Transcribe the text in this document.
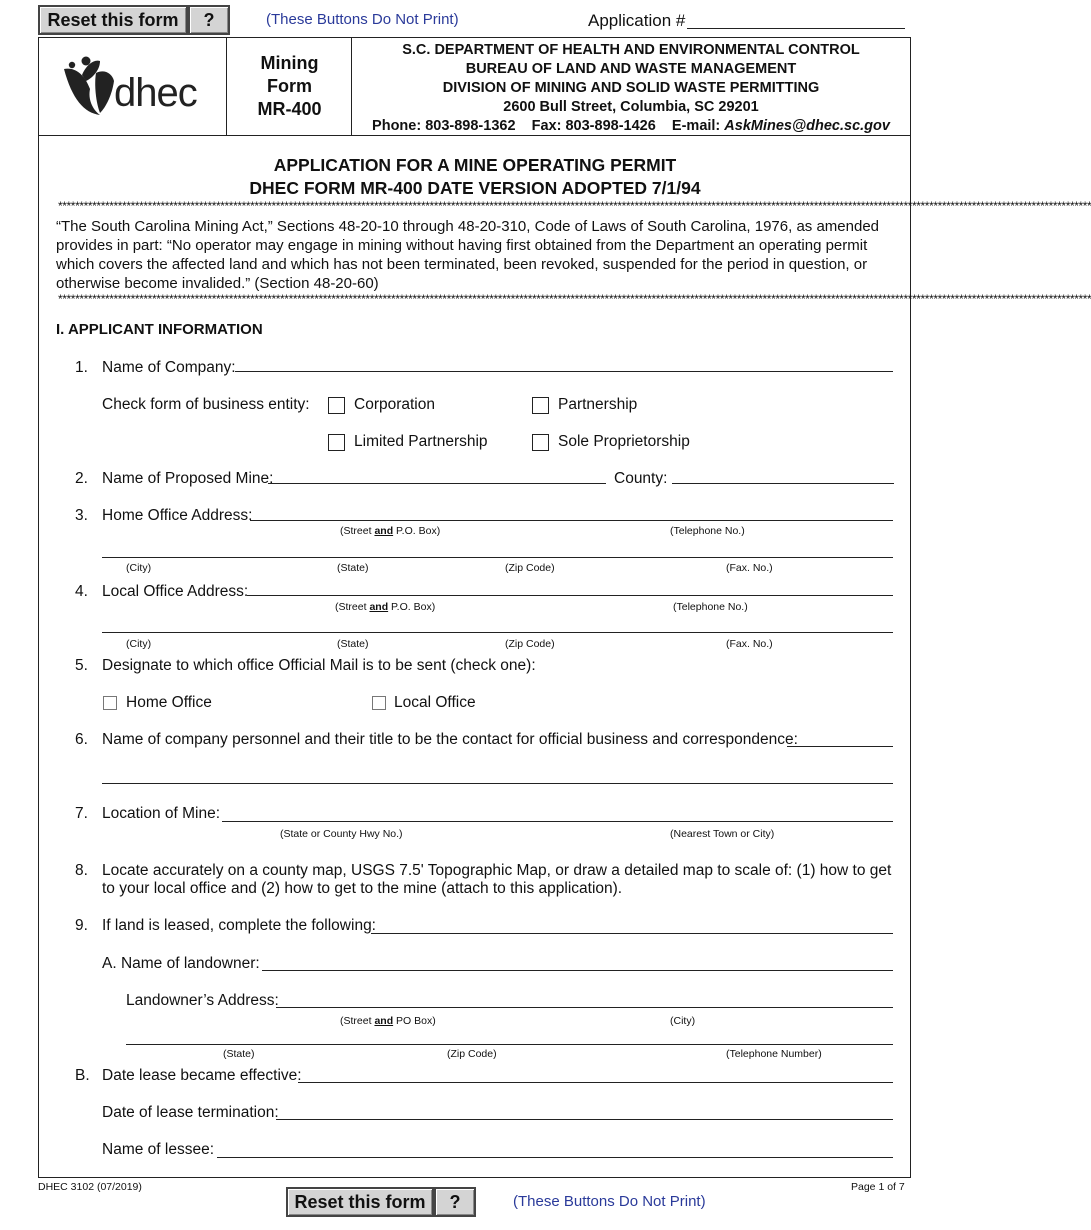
Reset this form	?	(These Buttons Do Not Print)	Application #
dhec
Mining
Form
MR-400
S.C. DEPARTMENT OF HEALTH AND ENVIRONMENTAL CONTROL
BUREAU OF LAND AND WASTE MANAGEMENT
DIVISION OF MINING AND SOLID WASTE PERMITTING
2600 Bull Street, Columbia, SC 29201
Phone: 803-898-1362 Fax: 803-898-1426 E-mail: AskMines@dhec.sc.gov
APPLICATION FOR A MINE OPERATING PERMIT
DHEC FORM MR-400 DATE VERSION ADOPTED 7/1/94
**************************************************************************************************************************************************************************************************************************************************
“The South Carolina Mining Act,” Sections 48-20-10 through 48-20-310, Code of Laws of South Carolina, 1976, as amended provides in part: “No operator may engage in mining without having first obtained from the Department an operating permit which covers the affected land and which has not been terminated, been revoked, suspended for the period in question, or otherwise become invalided.” (Section 48-20-60)
**************************************************************************************************************************************************************************************************************************************************
I. APPLICANT INFORMATION
1. Name of Company:
Check form of business entity:	Corporation	Partnership
Limited Partnership	Sole Proprietorship
2. Name of Proposed Mine:	County:
3. Home Office Address:
(Street and P.O. Box)	(Telephone No.)
(City)	(State)	(Zip Code)	(Fax. No.)
4. Local Office Address:
(Street and P.O. Box)	(Telephone No.)
(City)	(State)	(Zip Code)	(Fax. No.)
5. Designate to which office Official Mail is to be sent (check one):
Home Office	Local Office
6. Name of company personnel and their title to be the contact for official business and correspondence:
7. Location of Mine:
(State or County Hwy No.)	(Nearest Town or City)
8. Locate accurately on a county map, USGS 7.5' Topographic Map, or draw a detailed map to scale of: (1) how to get
to your local office and (2) how to get to the mine (attach to this application).
9. If land is leased, complete the following:
A. Name of landowner:
Landowner’s Address:
(Street and PO Box)	(City)
(State)	(Zip Code)	(Telephone Number)
B. Date lease became effective:
Date of lease termination:
Name of lessee:
DHEC 3102 (07/2019)	Page 1 of 7
Reset this form	?	(These Buttons Do Not Print)
